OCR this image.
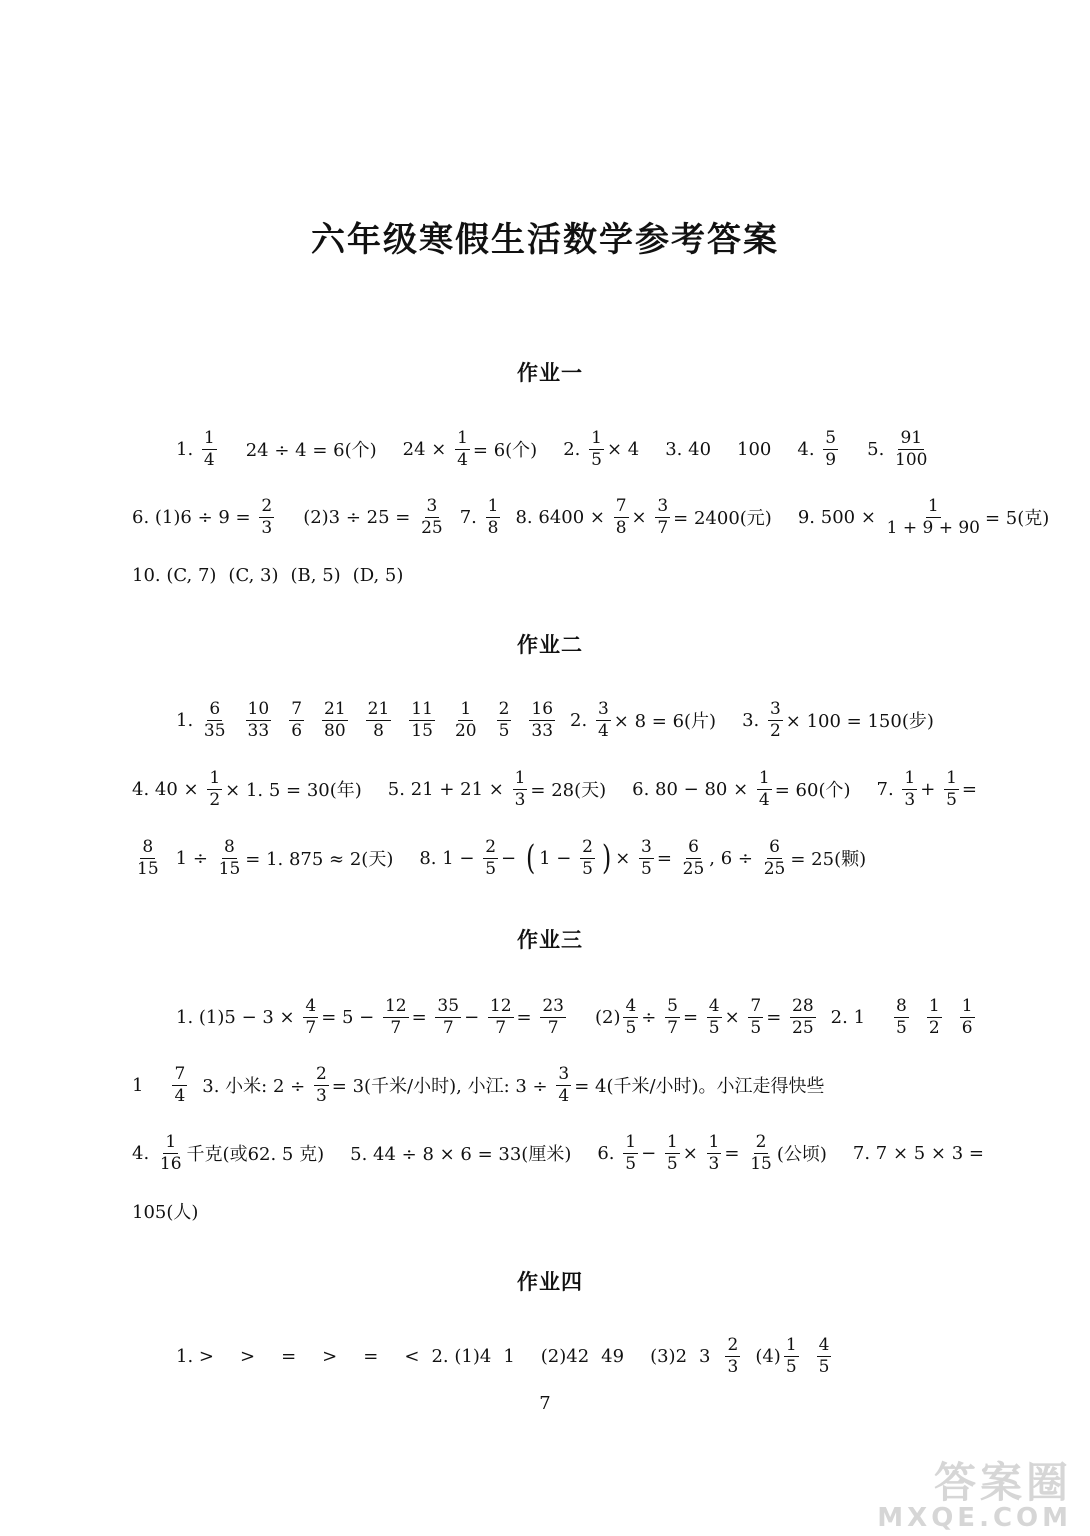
六年级寒假生活数学参考答案
作业一
1. $\frac{1}{4} 24 \div 4 = 6$(个) $24 \times \frac{1}{4} = 6$(个) 2. $\frac{1}{5} \times 4$ 3. 40 100 4. $\frac{5}{9} 5$. $\frac{91}{100}$
6. $(1)6 \div 9 = \frac{2}{3} (2)3 \div 25 = \frac{3}{25} 7$. $\frac{1}{8} 8$. $6400 \times \frac{7}{8} \times \frac{3}{7} = 2400$(元) 9. $500 \times \frac{1}{1 + 9 + 90} = 5$(克)
10. (C, 7) (C, 3) (B, 5) (D, 5)
作业二
1. $\frac{6}{35} \frac{10}{33} \frac{7}{6} \frac{21}{80} \frac{21}{8} \frac{11}{15} \frac{1}{20} \frac{2}{5} \frac{16}{33} 2$. $\frac{3}{4} \times 8 = 6$(片) 3. $\frac{3}{2} \times 100 = 150$(步)
4. $40 \times \frac{1}{2} \times 1$. 5 = 30(年) 5. $21 + 21 \times \frac{1}{3} = 28$(天) 6. $80 - 80 \times \frac{1}{4} = 60$(个) 7. $\frac{1}{3} + \frac{1}{5}$ =
$\frac{8}{15} 1 \div \frac{8}{15} = 1$. 875 ≈ 2(天) 8. $1 - \frac{2}{5}$ − ( $1 - \frac{2}{5}$ ) × $\frac{3}{5} = \frac{6}{25}$ , $6 \div \frac{6}{25} = 25$(颗)
作业三
1. $(1)5 - 3 \times \frac{4}{7} = 5 - \frac{12}{7} = \frac{35}{7} - \frac{12}{7} = \frac{23}{7} (2) \frac{4}{5} \div \frac{5}{7} = \frac{4}{5} \times \frac{7}{5} = \frac{28}{25} 2$. $1 \frac{8}{5} \frac{1}{2} \frac{1}{6}$
$1 \frac{7}{4} 3$. 小米: $2 \div \frac{2}{3} = 3$(千米/小时), 小江: $3 \div \frac{3}{4} = 4$(千米/小时)。小江走得快些
4. $\frac{1}{16}$ 千克(或62. 5 克) 5. 44 ÷ 8 × 6 = 33(厘米) 6. $\frac{1}{5} - \frac{1}{5} \times \frac{1}{3} = \frac{2}{15}$ (公顷) 7. 7 × 5 × 3 =
105(人)
作业四
1. > > = > = < 2. (1)4 1 (2)42 49 (3)2 $3 \frac{2}{3} (4) \frac{1}{5} \frac{4}{5}$
7
答案圈
MXQE.COM
